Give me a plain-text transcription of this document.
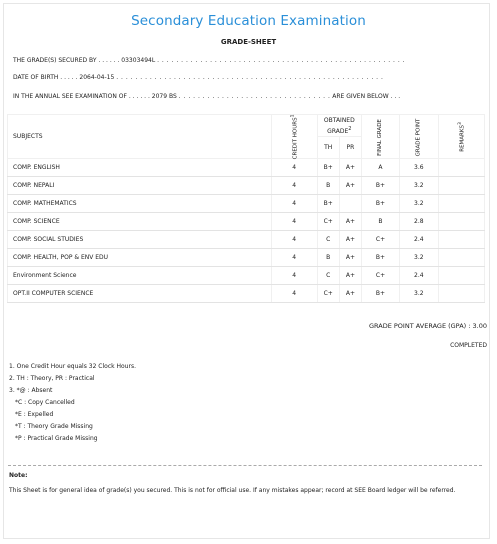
Secondary Education Examination
GRADE-SHEET
THE GRADE(S) SECURED BY . . . . . . 03303494L . . . . . . . . . . . . . . . . . . . . . . . . . . . . . . . . . . . . . . . . . . . . . . . . . . . .
DATE OF BIRTH . . . . . 2064-04-15 . . . . . . . . . . . . . . . . . . . . . . . . . . . . . . . . . . . . . . . . . . . . . . . . . . . . . . . .
IN THE ANNUAL SEE EXAMINATION OF . . . . . . 2079 BS . . . . . . . . . . . . . . . . . . . . . . . . . . . . . . . . ARE GIVEN BELOW . . .
SUBJECTS	CREDIT HOURS$^1$	OBTAINED GRADE$^2$		FINAL GRADE	GRADE POINT	REMARKS$^3$
		TH	PR			
COMP. ENGLISH	4	B+	A+	A	3.6	
COMP. NEPALI	4	B	A+	B+	3.2	
COMP. MATHEMATICS	4	B+		B+	3.2	
COMP. SCIENCE	4	C+	A+	B	2.8	
COMP. SOCIAL STUDIES	4	C	A+	C+	2.4	
COMP. HEALTH, POP & ENV EDU	4	B	A+	B+	3.2	
Environment Science	4	C	A+	C+	2.4	
OPT.II COMPUTER SCIENCE	4	C+	A+	B+	3.2	
GRADE POINT AVERAGE (GPA) : 3.00
COMPLETED
1. One Credit Hour equals 32 Clock Hours.
2. TH : Theory, PR : Practical
3. *@ : Absent
*C : Copy Cancelled
*E : Expelled
*T : Theory Grade Missing
*P : Practical Grade Missing
Note:
This Sheet is for general idea of grade(s) you secured. This is not for official use. If any mistakes appear; record at SEE Board ledger will be referred.
